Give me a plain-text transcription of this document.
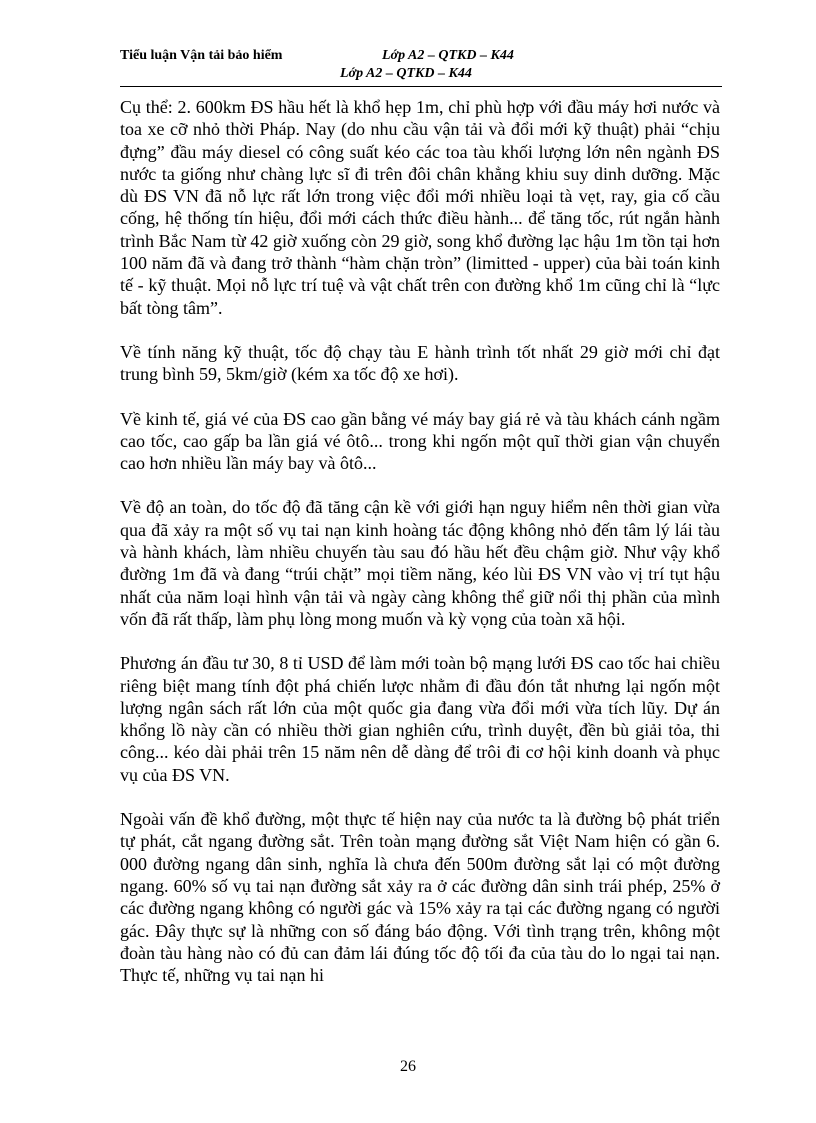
Tiểu luận Vận tải bảo hiểm	Lớp A2 – QTKD – K44
Lớp A2 – QTKD – K44

Cụ thể: 2. 600km ĐS hầu hết là khổ hẹp 1m, chỉ phù hợp với đầu máy hơi nước và toa xe cỡ nhỏ thời Pháp. Nay (do nhu cầu vận tải và đổi mới kỹ thuật) phải “chịu đựng” đầu máy diesel có công suất kéo các toa tàu khối lượng lớn nên ngành ĐS nước ta giống như chàng lực sĩ đi trên đôi chân khẳng khiu suy dinh dưỡng. Mặc dù ĐS VN đã nỗ lực rất lớn trong việc đổi mới nhiều loại tà vẹt, ray, gia cố cầu cống, hệ thống tín hiệu, đổi mới cách thức điều hành... để tăng tốc, rút ngắn hành trình Bắc Nam từ 42 giờ xuống còn 29 giờ, song khổ đường lạc hậu 1m tồn tại hơn 100 năm đã và đang trở thành “hàm chặn tròn” (limitted - upper) của bài toán kinh tế - kỹ thuật. Mọi nỗ lực trí tuệ và vật chất trên con đường khổ 1m cũng chỉ là “lực bất tòng tâm”.

Về tính năng kỹ thuật, tốc độ chạy tàu E hành trình tốt nhất 29 giờ mới chỉ đạt trung bình 59, 5km/giờ (kém xa tốc độ xe hơi).

Về kinh tế, giá vé của ĐS cao gần bằng vé máy bay giá rẻ và tàu khách cánh ngầm cao tốc, cao gấp ba lần giá vé ôtô... trong khi ngốn một quĩ thời gian vận chuyển cao hơn nhiều lần máy bay và ôtô...

Về độ an toàn, do tốc độ đã tăng cận kề với giới hạn nguy hiểm nên thời gian vừa qua đã xảy ra một số vụ tai nạn kinh hoàng tác động không nhỏ đến tâm lý lái tàu và hành khách, làm nhiều chuyến tàu sau đó hầu hết đều chậm giờ. Như vậy khổ đường 1m đã và đang “trúi chặt” mọi tiềm năng, kéo lùi ĐS VN vào vị trí tụt hậu nhất của năm loại hình vận tải và ngày càng không thể giữ nổi thị phần của mình vốn đã rất thấp, làm phụ lòng mong muốn và kỳ vọng của toàn xã hội.

Phương án đầu tư 30, 8 tỉ USD để làm mới toàn bộ mạng lưới ĐS cao tốc hai chiều riêng biệt mang tính đột phá chiến lược nhằm đi đầu đón tắt nhưng lại ngốn một lượng ngân sách rất lớn của một quốc gia đang vừa đổi mới vừa tích lũy. Dự án khổng lồ này cần có nhiều thời gian nghiên cứu, trình duyệt, đền bù giải tỏa, thi công... kéo dài phải trên 15 năm nên dễ dàng để trôi đi cơ hội kinh doanh và phục vụ của ĐS VN.

Ngoài vấn đề khổ đường, một thực tế hiện nay của nước ta là đường bộ phát triển tự phát, cắt ngang đường sắt. Trên toàn mạng đường sắt Việt Nam hiện có gần 6. 000 đường ngang dân sinh, nghĩa là chưa đến 500m đường sắt lại có một đường ngang. 60% số vụ tai nạn đường sắt xảy ra ở các đường dân sinh trái phép, 25% ở các đường ngang không có người gác và 15% xảy ra tại các đường ngang có người gác. Đây thực sự là những con số đáng báo động. Với tình trạng trên, không một đoàn tàu hàng nào có đủ can đảm lái đúng tốc độ tối đa của tàu do lo ngại tai nạn. Thực tế, những vụ tai nạn hi

26
